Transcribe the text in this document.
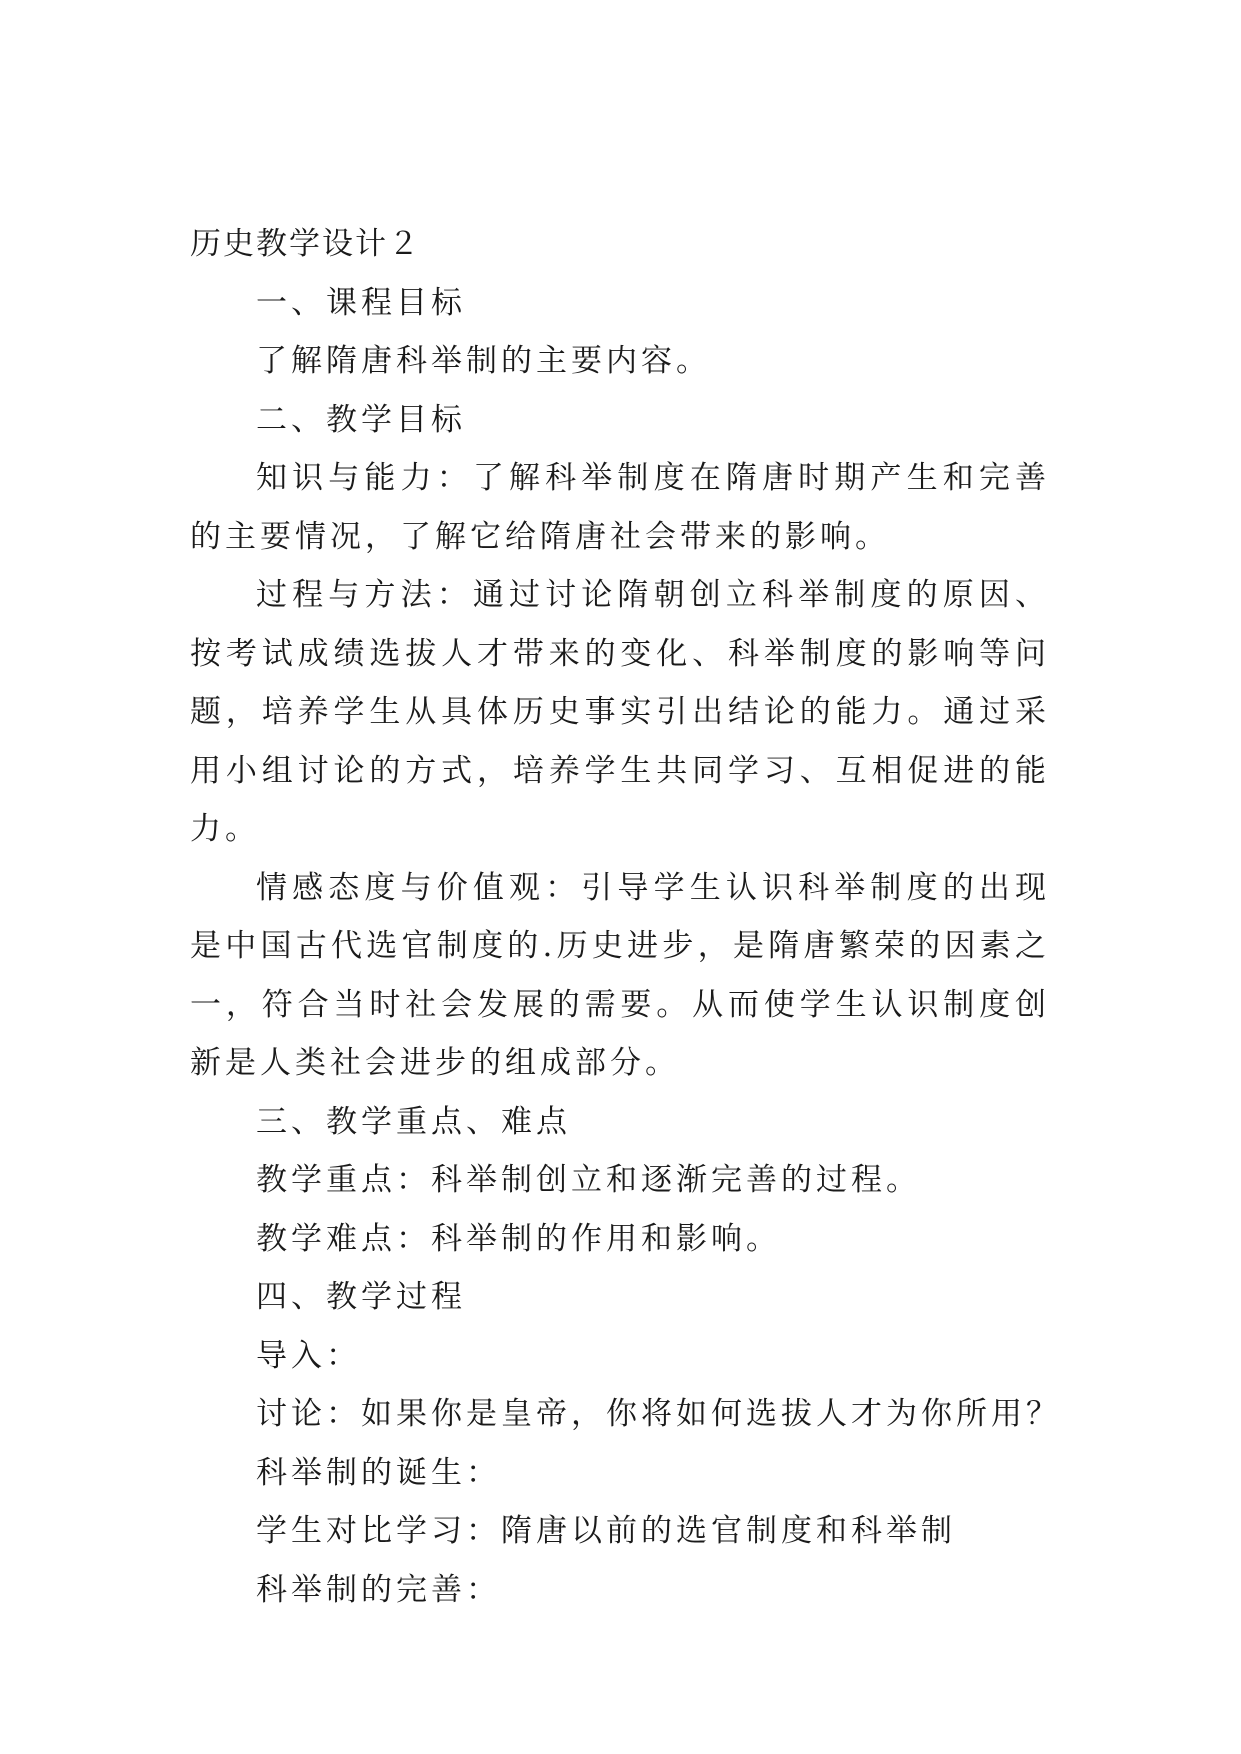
历史教学设计２
一、课程目标
了解隋唐科举制的主要内容。
二、教学目标
知识与能力：了解科举制度在隋唐时期产生和完善的主要情况，了解它给隋唐社会带来的影响。
过程与方法：通过讨论隋朝创立科举制度的原因、按考试成绩选拔人才带来的变化、科举制度的影响等问题，培养学生从具体历史事实引出结论的能力。通过采用小组讨论的方式，培养学生共同学习、互相促进的能力。
情感态度与价值观：引导学生认识科举制度的出现是中国古代选官制度的.历史进步，是隋唐繁荣的因素之一，符合当时社会发展的需要。从而使学生认识制度创新是人类社会进步的组成部分。
三、教学重点、难点
教学重点：科举制创立和逐渐完善的过程。
教学难点：科举制的作用和影响。
四、教学过程
导入：
讨论：如果你是皇帝，你将如何选拔人才为你所用？
科举制的诞生：
学生对比学习：隋唐以前的选官制度和科举制
科举制的完善：
